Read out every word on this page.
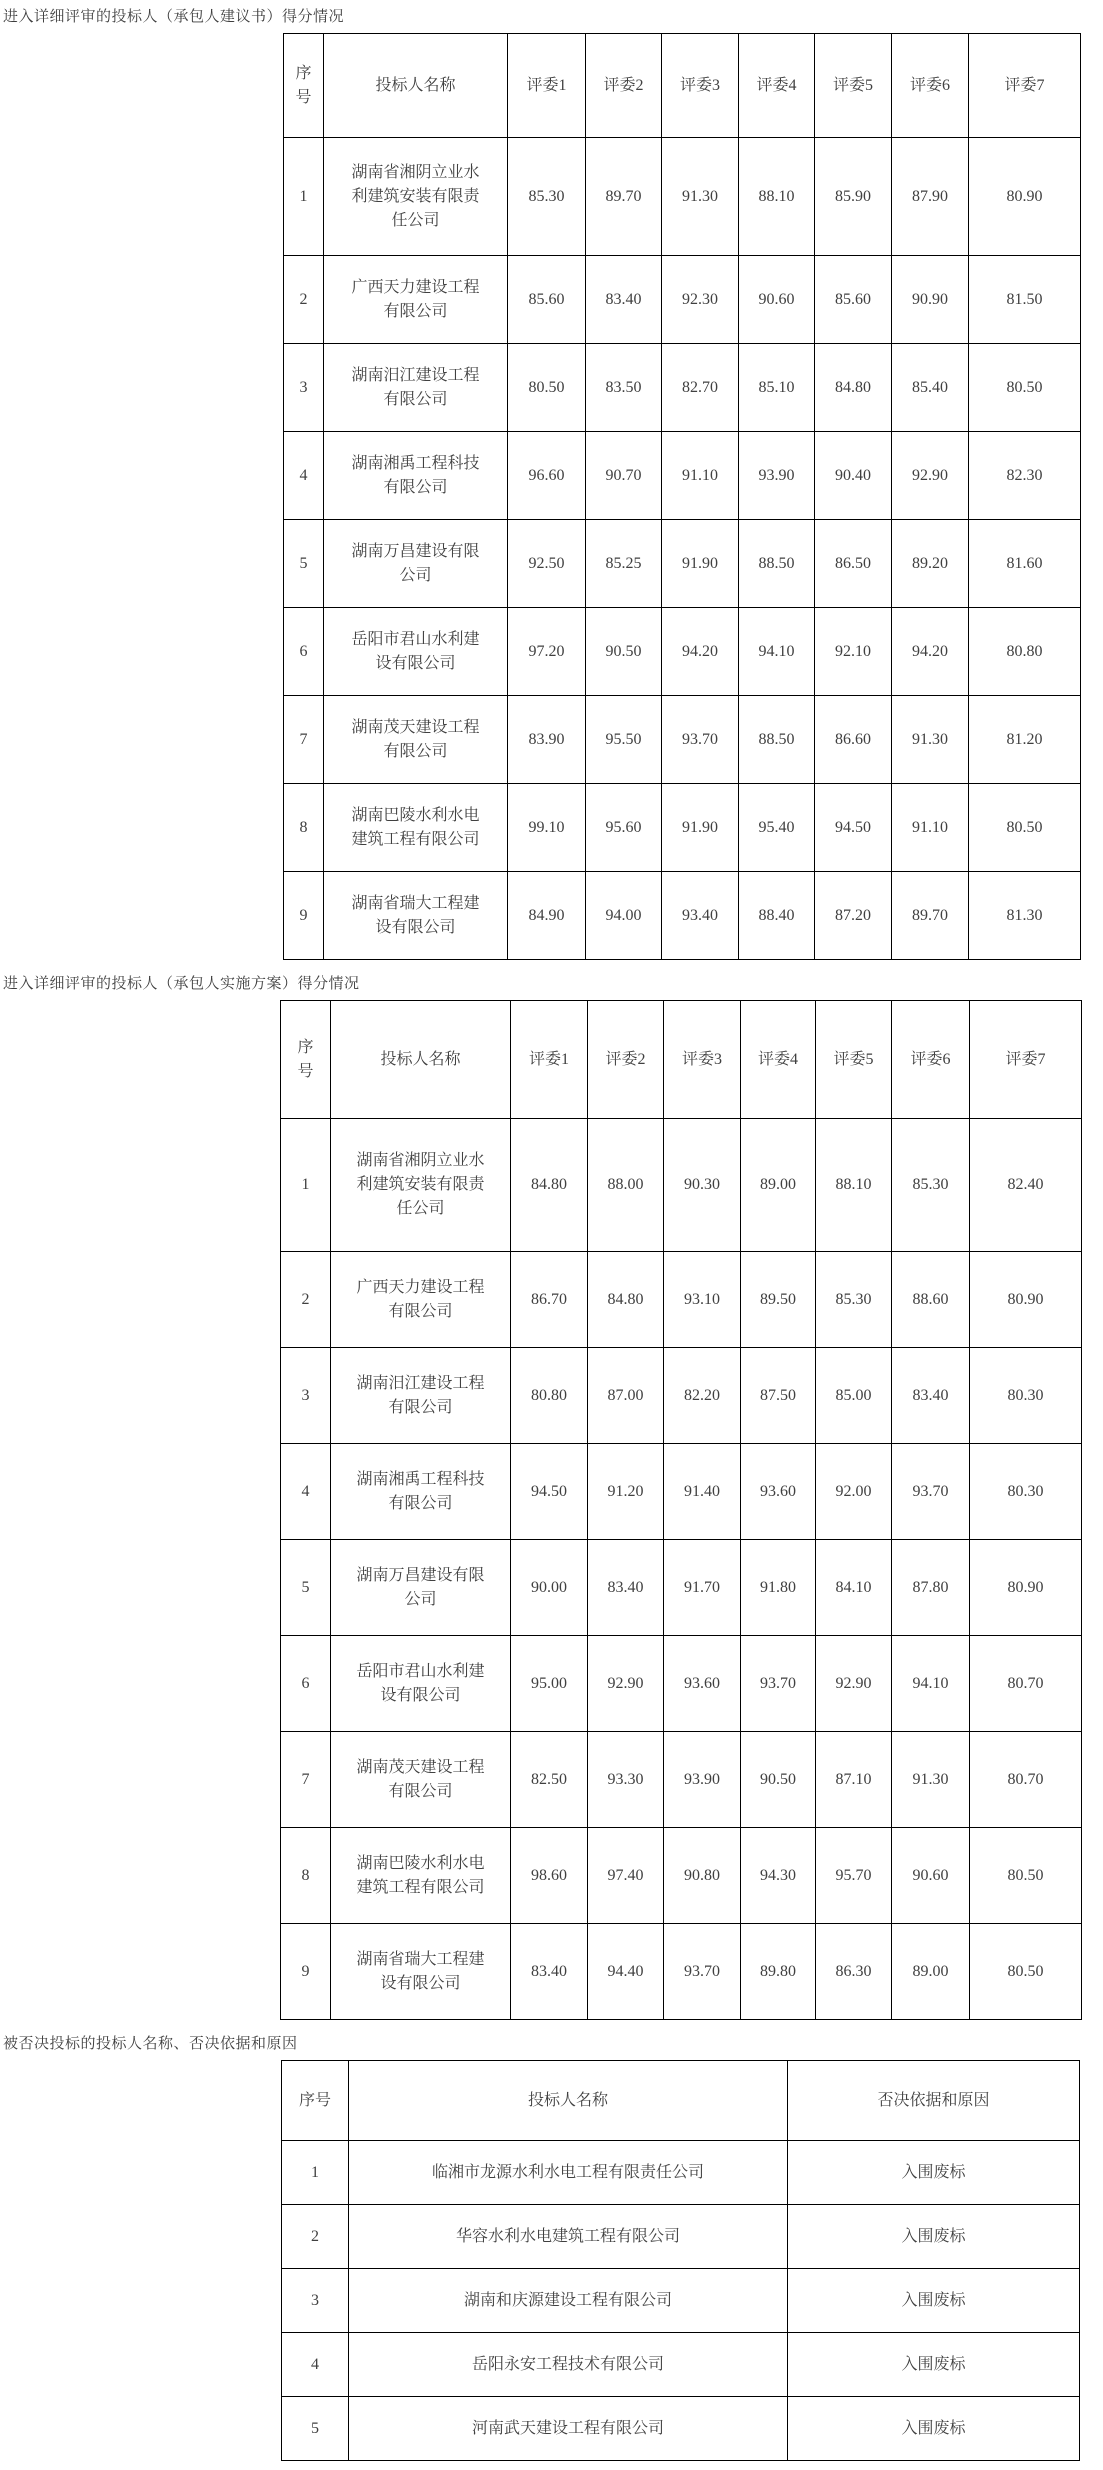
进入详细评审的投标人（承包人建议书）得分情况
序号	投标人名称	评委1	评委2	评委3	评委4	评委5	评委6	评委7
1	湖南省湘阴立业水利建筑安装有限责任公司	85.30	89.70	91.30	88.10	85.90	87.90	80.90
2	广西天力建设工程有限公司	85.60	83.40	92.30	90.60	85.60	90.90	81.50
3	湖南汨江建设工程有限公司	80.50	83.50	82.70	85.10	84.80	85.40	80.50
4	湖南湘禹工程科技有限公司	96.60	90.70	91.10	93.90	90.40	92.90	82.30
5	湖南万昌建设有限公司	92.50	85.25	91.90	88.50	86.50	89.20	81.60
6	岳阳市君山水利建设有限公司	97.20	90.50	94.20	94.10	92.10	94.20	80.80
7	湖南茂天建设工程有限公司	83.90	95.50	93.70	88.50	86.60	91.30	81.20
8	湖南巴陵水利水电建筑工程有限公司	99.10	95.60	91.90	95.40	94.50	91.10	80.50
9	湖南省瑞大工程建设有限公司	84.90	94.00	93.40	88.40	87.20	89.70	81.30
进入详细评审的投标人（承包人实施方案）得分情况
序号	投标人名称	评委1	评委2	评委3	评委4	评委5	评委6	评委7
1	湖南省湘阴立业水利建筑安装有限责任公司	84.80	88.00	90.30	89.00	88.10	85.30	82.40
2	广西天力建设工程有限公司	86.70	84.80	93.10	89.50	85.30	88.60	80.90
3	湖南汨江建设工程有限公司	80.80	87.00	82.20	87.50	85.00	83.40	80.30
4	湖南湘禹工程科技有限公司	94.50	91.20	91.40	93.60	92.00	93.70	80.30
5	湖南万昌建设有限公司	90.00	83.40	91.70	91.80	84.10	87.80	80.90
6	岳阳市君山水利建设有限公司	95.00	92.90	93.60	93.70	92.90	94.10	80.70
7	湖南茂天建设工程有限公司	82.50	93.30	93.90	90.50	87.10	91.30	80.70
8	湖南巴陵水利水电建筑工程有限公司	98.60	97.40	90.80	94.30	95.70	90.60	80.50
9	湖南省瑞大工程建设有限公司	83.40	94.40	93.70	89.80	86.30	89.00	80.50
被否决投标的投标人名称、否决依据和原因
序号	投标人名称	否决依据和原因
1	临湘市龙源水利水电工程有限责任公司	入围废标
2	华容水利水电建筑工程有限公司	入围废标
3	湖南和庆源建设工程有限公司	入围废标
4	岳阳永安工程技术有限公司	入围废标
5	河南武天建设工程有限公司	入围废标
